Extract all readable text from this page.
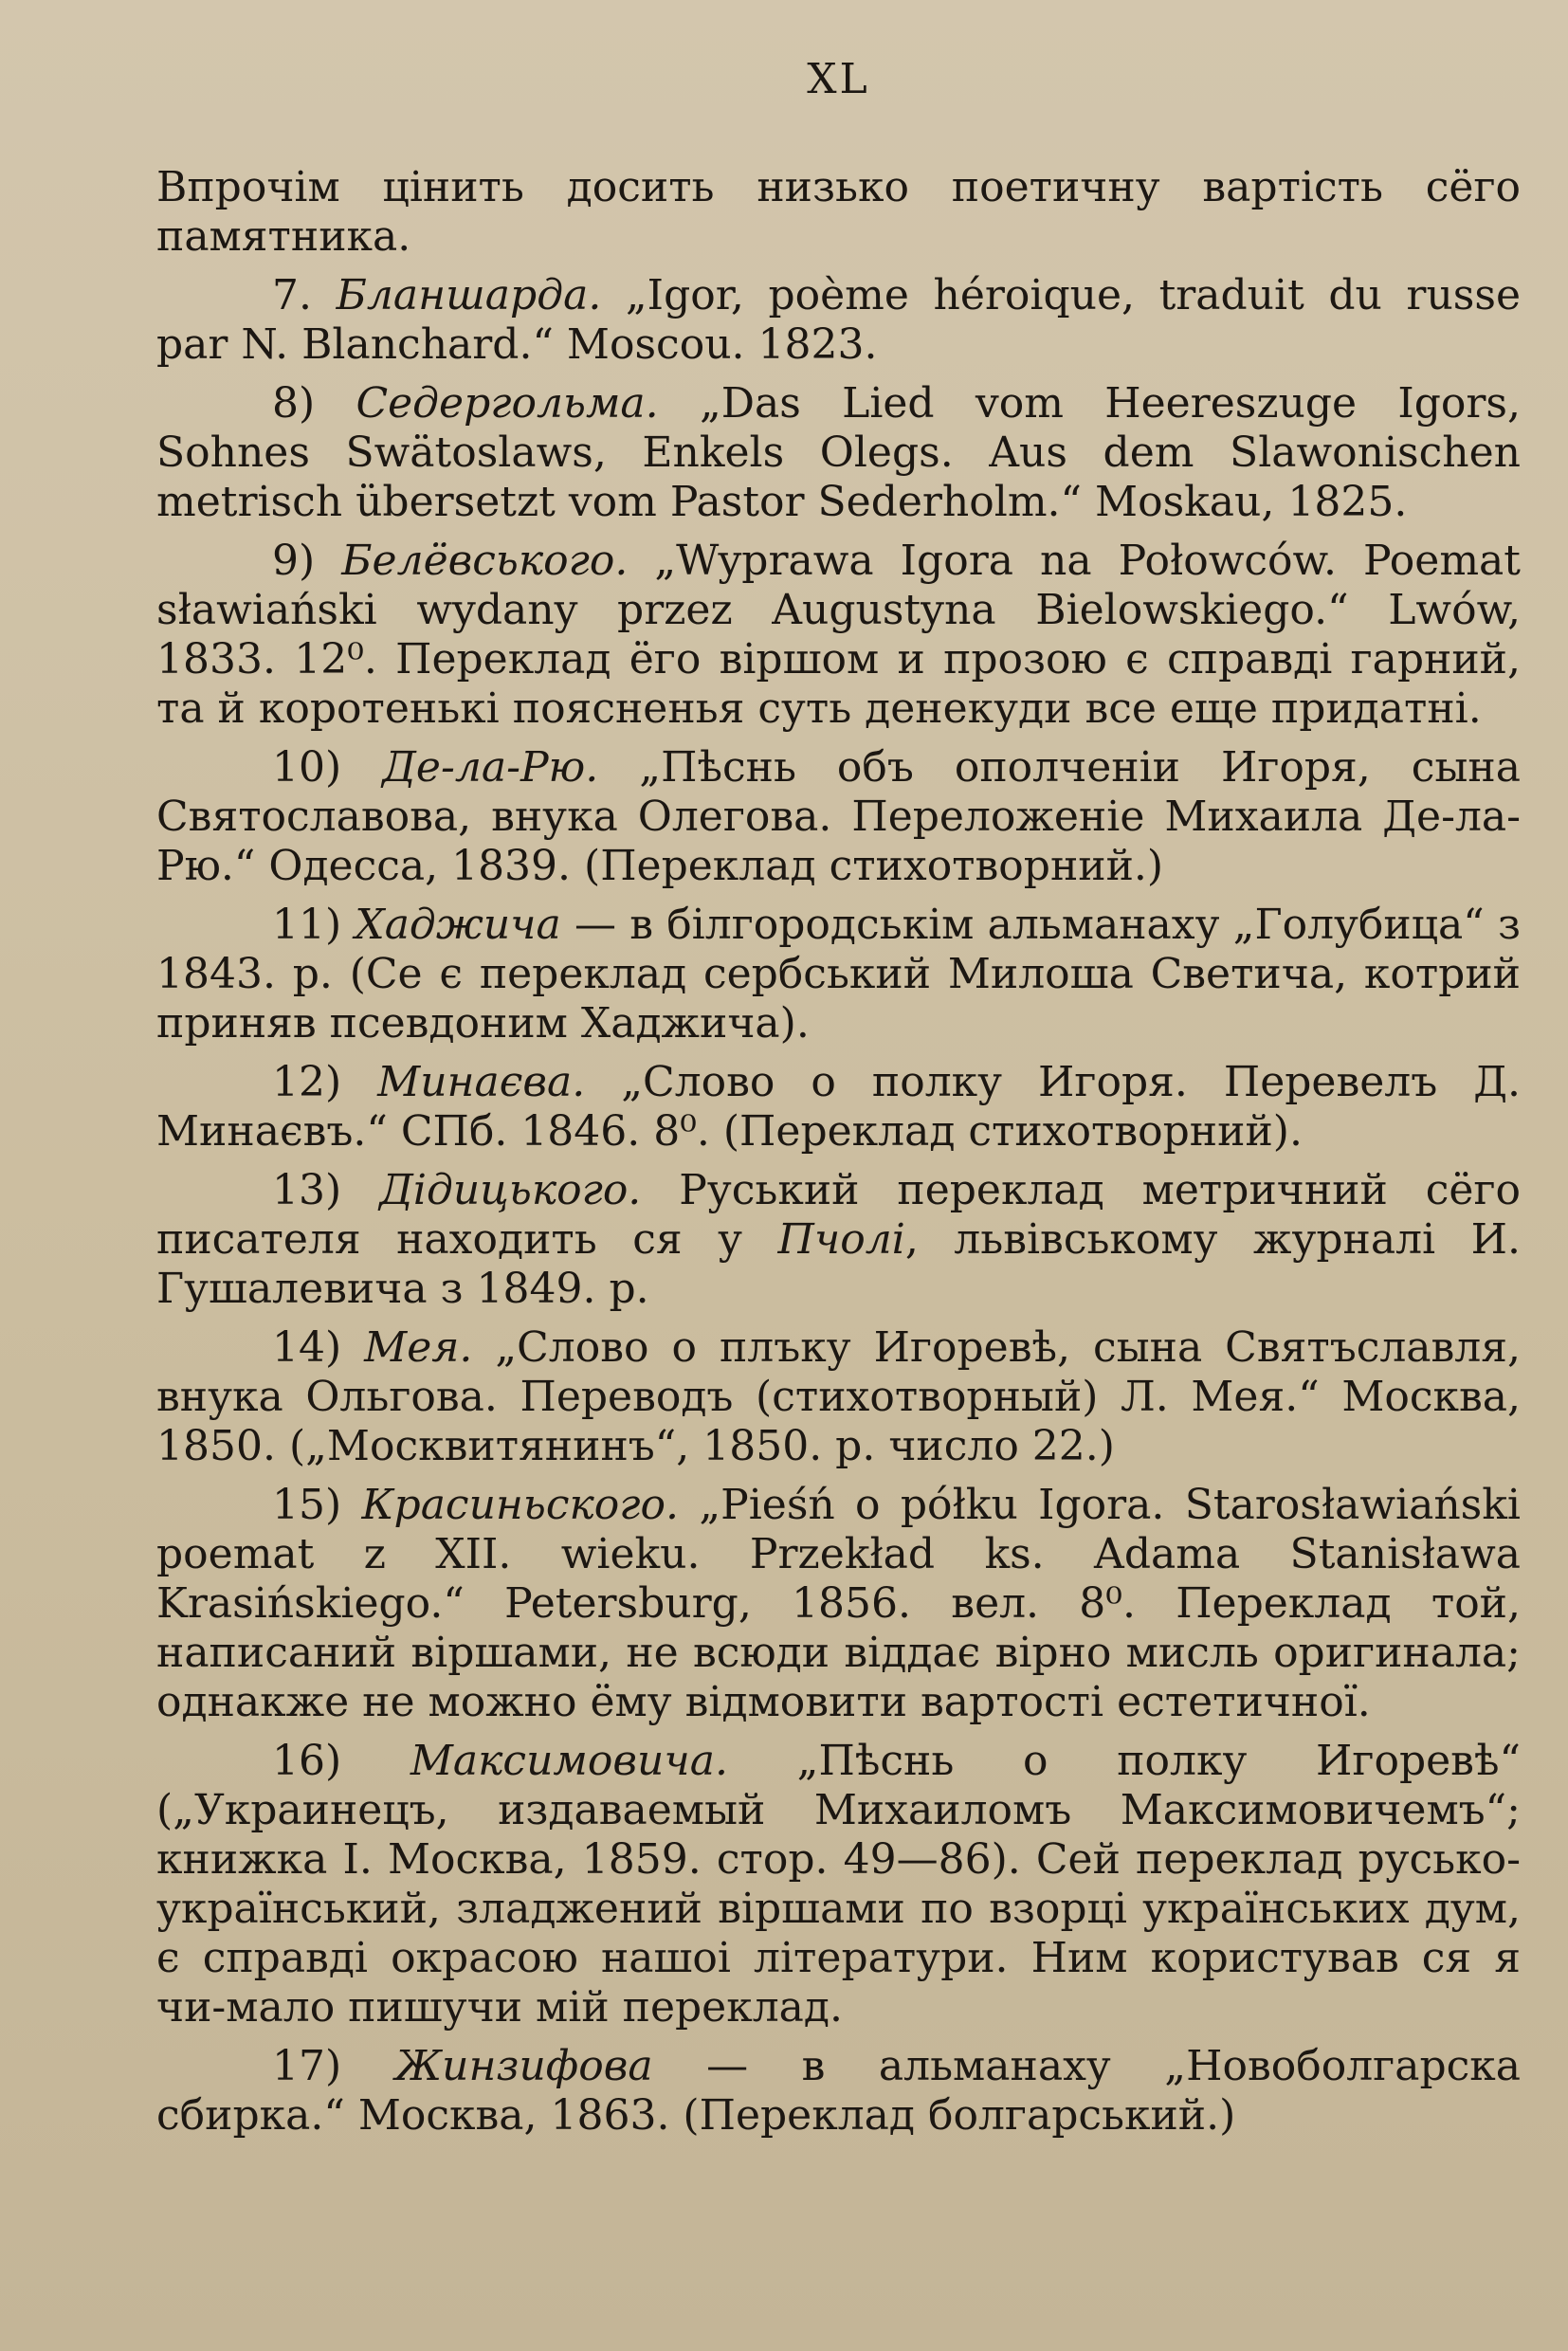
XL

Впрочім цінить досить низько поетичну вартість сёго памятника.

7. Бланшарда. „Igor, poème héroique, traduit du russe par N. Blanchard.“ Moscou. 1823.

8) Седергольма. „Das Lied vom Heereszuge Igors, Sohnes Swätoslaws, Enkels Olegs. Aus dem Slawonischen metrisch übersetzt vom Pastor Sederholm.“ Moskau, 1825.

9) Белёвського. „Wyprawa Igora na Połowców. Poemat sławiański wydany przez Augustyna Bielowskiego.“ Lwów, 1833. 12⁰. Переклад ёго віршом и прозою є справді гарний, та й коротенькі поясненья суть денекуди все еще придатні.

10) Де-ла-Рю. „Пѣснь объ ополченіи Игоря, сына Святославова, внука Олегова. Переложеніе Михаила Де-ла-Рю.“ Одесса, 1839. (Переклад стихотворний.)

11) Хаджича — в білгородськім альманаху „Голубица“ з 1843. р. (Се є переклад сербський Милоша Светича, котрий приняв псевдоним Хаджича).

12) Минаєва. „Слово о полку Игоря. Перевелъ Д. Минаєвъ.“ СПб. 1846. 8⁰. (Переклад стихотворний).

13) Дідицького. Руський переклад метричний сёго писателя находить ся у Пчолі, львівському журналі И. Гушалевича з 1849. р.

14) Мея. „Слово о плъку Игоревѣ, сына Святъславля, внука Ольгова. Переводъ (стихотворный) Л. Мея.“ Москва, 1850. („Москвитянинъ“, 1850. р. число 22.)

15) Красиньского. „Pieśń o półku Igora. Starosławiański poemat z XII. wieku. Przekład ks. Adama Stanisława Krasińskiego.“ Petersburg, 1856. вел. 8⁰. Переклад той, написаний віршами, не всюди віддає вірно мисль оригинала; однакже не можно ёму відмовити вартості естетичної.

16) Максимовича. „Пѣснь о полку Игоревѣ“ („Украинецъ, издаваемый Михаиломъ Максимовичемъ“; книжка I. Москва, 1859. стор. 49—86). Сей переклад русько-український, зладжений віршами по взорці українських дум, є справді окрасою нашоі літератури. Ним користував ся я чи-мало пишучи мій переклад.

17) Жинзифова — в альманаху „Новоболгарска сбирка.“ Москва, 1863. (Переклад болгарський.)
